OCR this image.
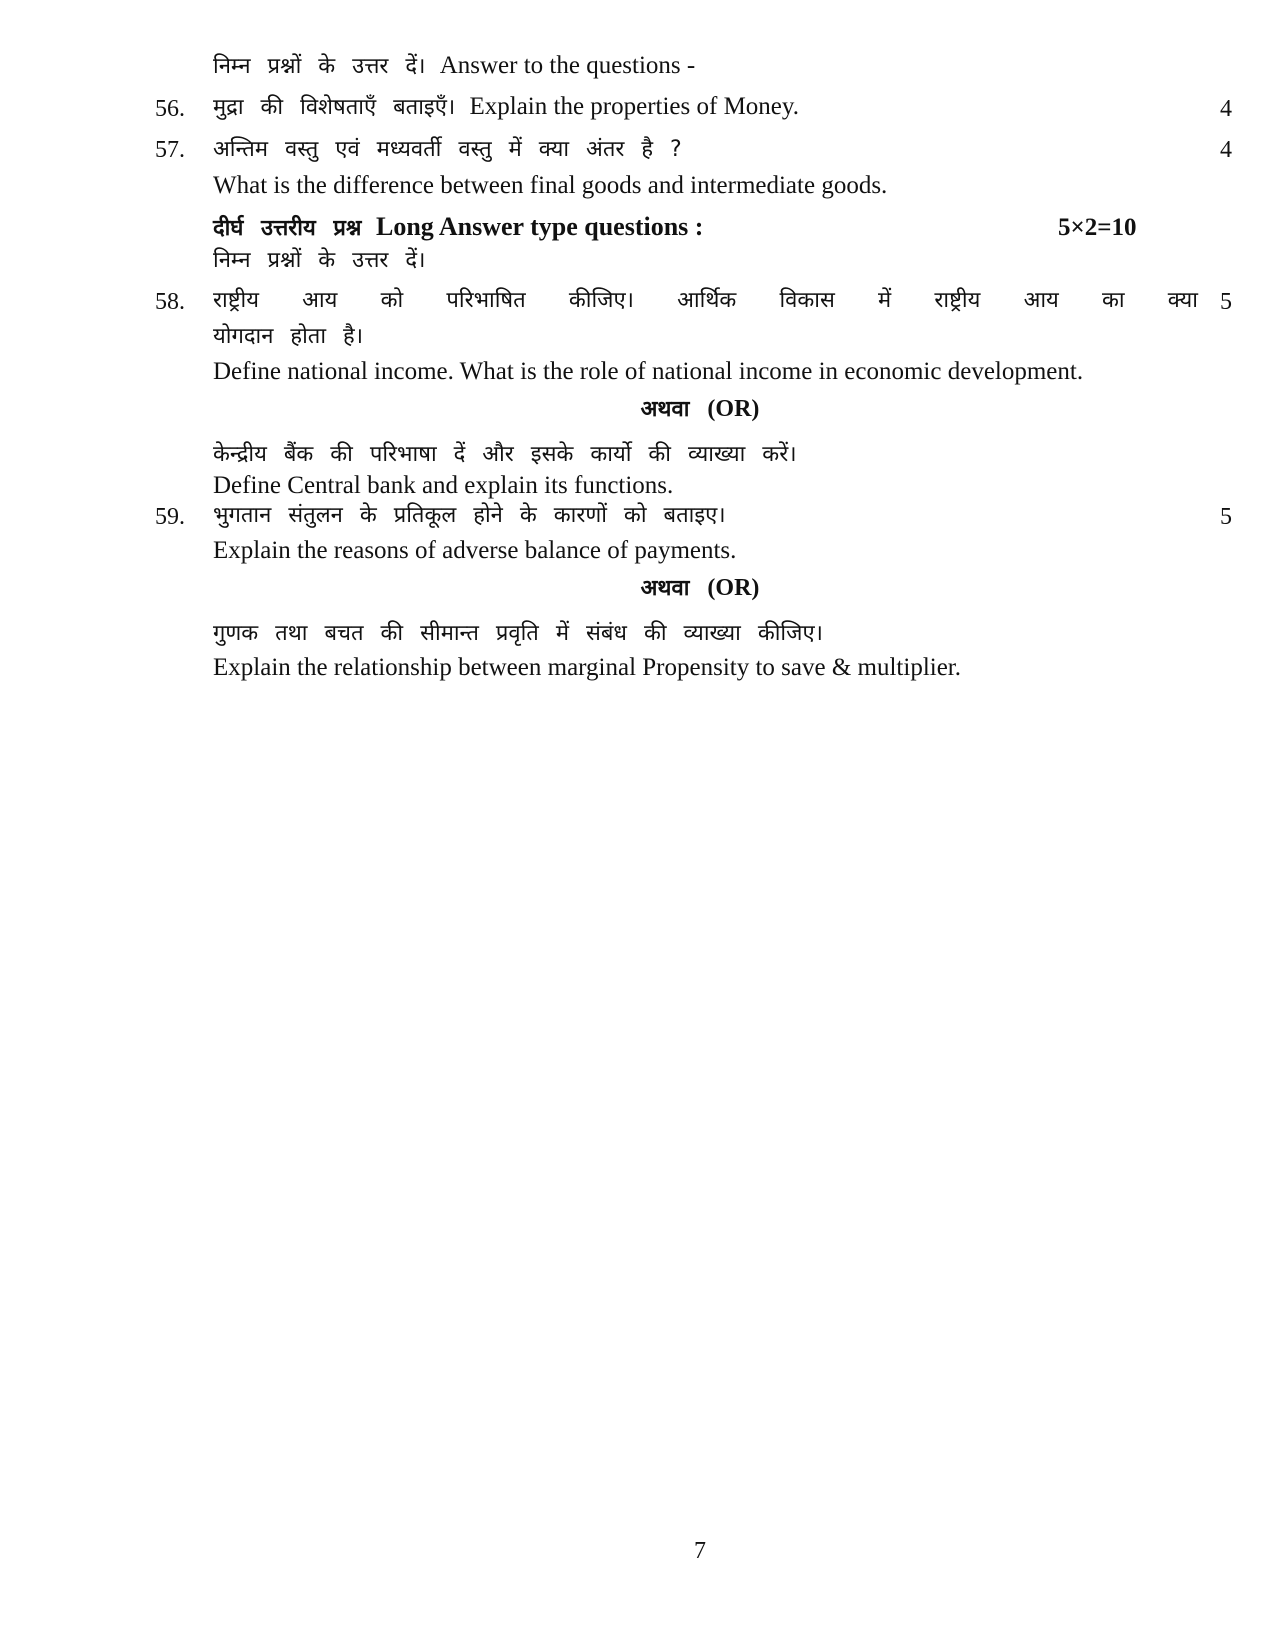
निम्न प्रश्नों के उत्तर दें। Answer to the questions -
56. मुद्रा की विशेषताएँ बताइएँ। Explain the properties of Money.	4
57. अन्तिम वस्तु एवं मध्यवर्ती वस्तु में क्या अंतर है ?	4
What is the difference between final goods and intermediate goods.
दीर्घ उत्तरीय प्रश्न Long Answer type questions :	5×2=10
निम्न प्रश्नों के उत्तर दें।
58. राष्ट्रीय आय को परिभाषित कीजिए। आर्थिक विकास में राष्ट्रीय आय का क्या 5
योगदान होता है।
Define national income. What is the role of national income in economic development.
अथवा (OR)
केन्द्रीय बैंक की परिभाषा दें और इसके कार्यो की व्याख्या करें।
Define Central bank and explain its functions.
59. भुगतान संतुलन के प्रतिकूल होने के कारणों को बताइए।	5
Explain the reasons of adverse balance of payments.
अथवा (OR)
गुणक तथा बचत की सीमान्त प्रवृति में संबंध की व्याख्या कीजिए।
Explain the relationship between marginal Propensity to save & multiplier.
7
